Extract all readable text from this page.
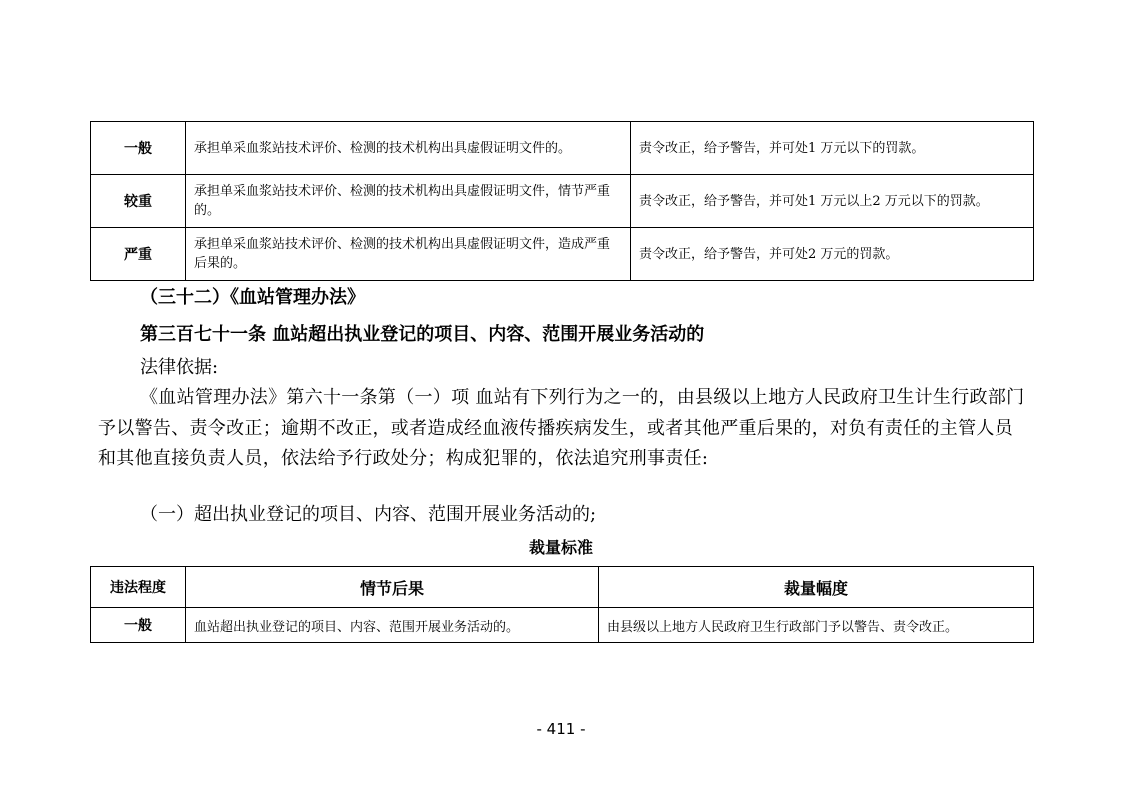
一般	承担单采血浆站技术评价、检测的技术机构出具虚假证明文件的。	责令改正，给予警告，并可处1 万元以下的罚款。
较重	承担单采血浆站技术评价、检测的技术机构出具虚假证明文件，情节严重的。	责令改正，给予警告，并可处1 万元以上2 万元以下的罚款。
严重	承担单采血浆站技术评价、检测的技术机构出具虚假证明文件，造成严重后果的。	责令改正，给予警告，并可处2 万元的罚款。
（三十二）《血站管理办法》
第三百七十一条 血站超出执业登记的项目、内容、范围开展业务活动的
法律依据:
《血站管理办法》第六十一条第（一）项 血站有下列行为之一的，由县级以上地方人民政府卫生计生行政部门予以警告、责令改正；逾期不改正，或者造成经血液传播疾病发生，或者其他严重后果的，对负有责任的主管人员和其他直接负责人员，依法给予行政处分；构成犯罪的，依法追究刑事责任:
（一）超出执业登记的项目、内容、范围开展业务活动的;
裁量标准
违法程度	情节后果	裁量幅度
一般	血站超出执业登记的项目、内容、范围开展业务活动的。	由县级以上地方人民政府卫生行政部门予以警告、责令改正。
- 411 -
